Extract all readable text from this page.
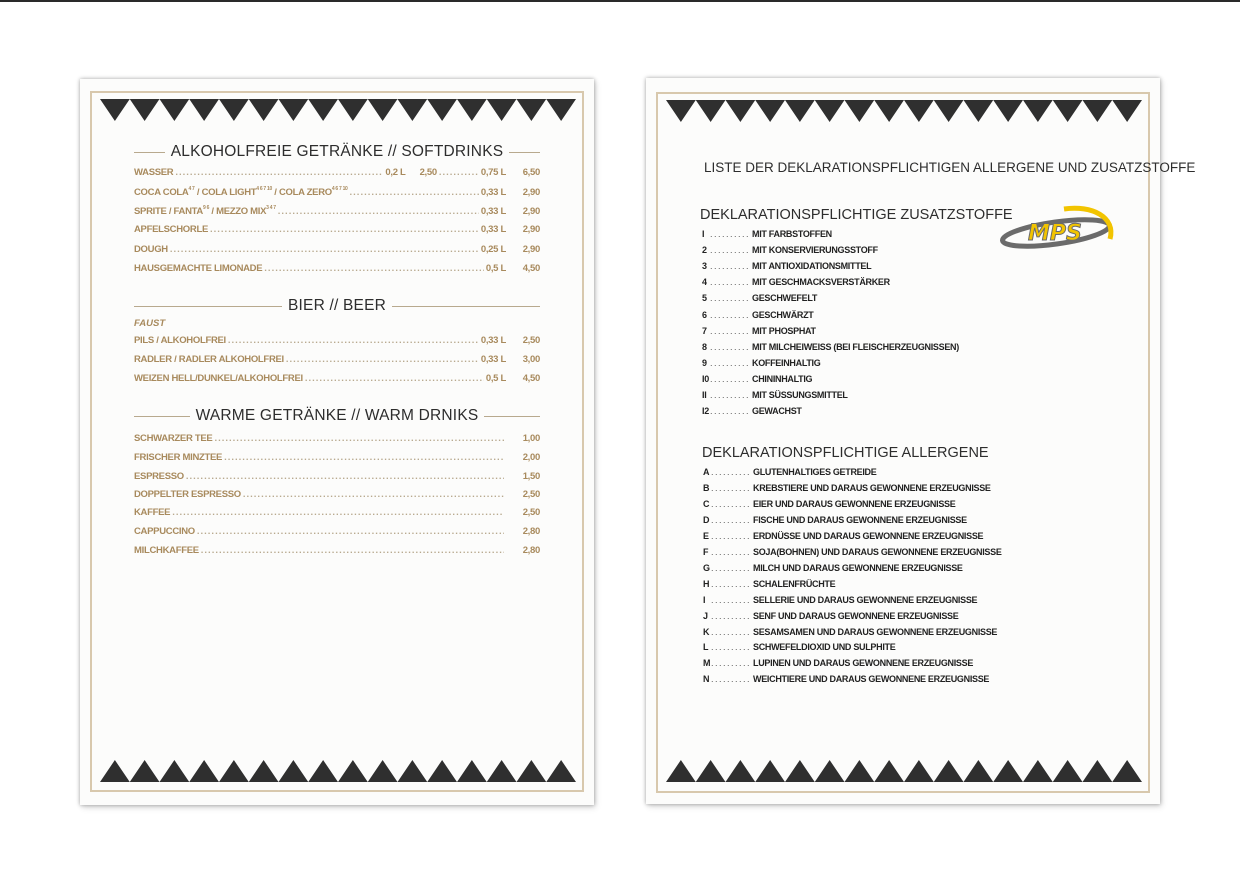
ALKOHOLFREIE GETRÄNKE // SOFTDRINKS
WASSER .....	0,2 L 2,50 .....	0,75 L	6,50
COCA $COLA^{4 7}$ / COLA $LIGHT^{4 6 7 10}$ / COLA $ZERO^{4 6 7 10}$ .....	0,33 L	2,90
SPRITE / $FANTA^{9 6}$ / MEZZO $MIX^{3 4 7}$ .....	0,33 L	2,90
APFELSCHORLE .....	0,33 L	2,90
DOUGH .....	0,25 L	2,90
HAUSGEMACHTE LIMONADE .....	0,5 L	4,50
BIER // BEER
FAUST
PILS / ALKOHOLFREI .....	0,33 L	2,50
RADLER / RADLER ALKOHOLFREI .....	0,33 L	3,00
WEIZEN HELL/DUNKEL/ALKOHOLFREI .....	0,5 L	4,50
WARME GETRÄNKE // WARM DRNIKS
SCHWARZER TEE .....	1,00
FRISCHER MINZTEE .....	2,00
ESPRESSO .....	1,50
DOPPELTER ESPRESSO .....	2,50
KAFFEE .....	2,50
CAPPUCCINO .....	2,80
MILCHKAFFEE .....	2,80
LISTE DER DEKLARATIONSPFLICHTIGEN ALLERGENE UND ZUSATZSTOFFE
MPS
DEKLARATIONSPFLICHTIGE ZUSATZSTOFFE
I .......... MIT FARBSTOFFEN
2 .......... MIT KONSERVIERUNGSSTOFF
3 .......... MIT ANTIOXIDATIONSMITTEL
4 .......... MIT GESCHMACKSVERSTÄRKER
5 .......... GESCHWEFELT
6 .......... GESCHWÄRZT
7 .......... MIT PHOSPHAT
8 .......... MIT MILCHEIWEISS (BEI FLEISCHERZEUGNISSEN)
9 .......... KOFFEINHALTIG
I0 .......... CHININHALTIG
II .......... MIT SÜSSUNGSMITTEL
I2 .......... GEWACHST
DEKLARATIONSPFLICHTIGE ALLERGENE
A .......... GLUTENHALTIGES GETREIDE
B .......... KREBSTIERE UND DARAUS GEWONNENE ERZEUGNISSE
C .......... EIER UND DARAUS GEWONNENE ERZEUGNISSE
D .......... FISCHE UND DARAUS GEWONNENE ERZEUGNISSE
E .......... ERDNÜSSE UND DARAUS GEWONNENE ERZEUGNISSE
F .......... SOJA(BOHNEN) UND DARAUS GEWONNENE ERZEUGNISSE
G .......... MILCH UND DARAUS GEWONNENE ERZEUGNISSE
H .......... SCHALENFRÜCHTE
I .......... SELLERIE UND DARAUS GEWONNENE ERZEUGNISSE
J .......... SENF UND DARAUS GEWONNENE ERZEUGNISSE
K .......... SESAMSAMEN UND DARAUS GEWONNENE ERZEUGNISSE
L .......... SCHWEFELDIOXID UND SULPHITE
M .......... LUPINEN UND DARAUS GEWONNENE ERZEUGNISSE
N .......... WEICHTIERE UND DARAUS GEWONNENE ERZEUGNISSE
